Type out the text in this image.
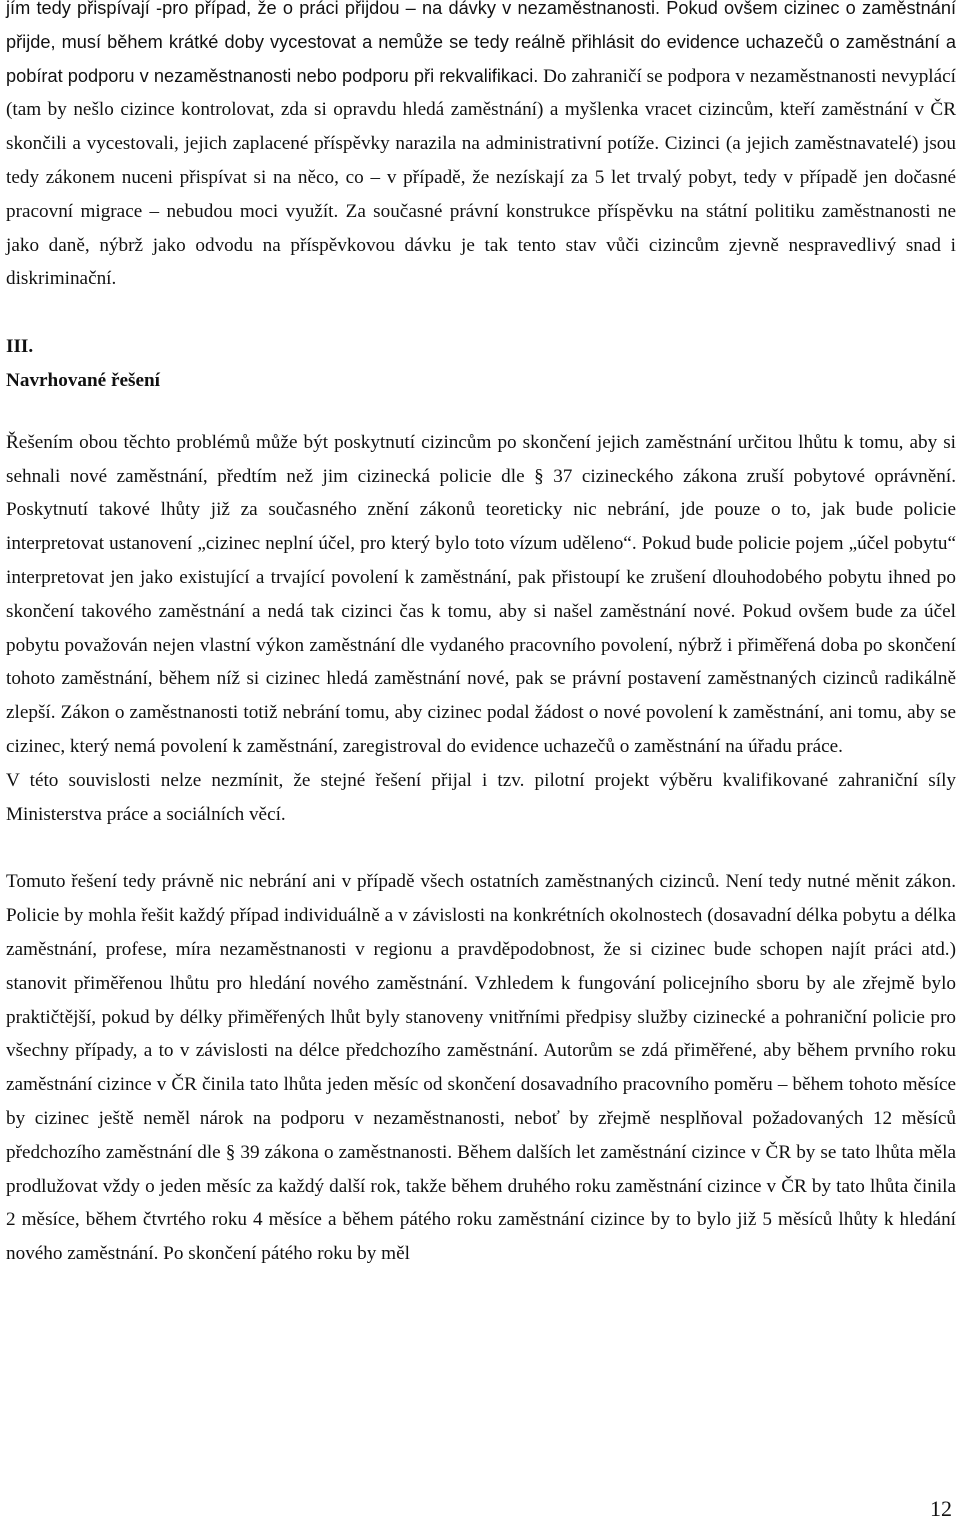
jím tedy přispívají -pro případ, že o práci přijdou – na dávky v nezaměstnanosti. Pokud ovšem cizinec o zaměstnání přijde, musí během krátké doby vycestovat a nemůže se tedy reálně přihlásit do evidence uchazečů o zaměstnání a pobírat podporu v nezaměstnanosti nebo podporu při rekvalifikaci. Do zahraničí se podpora v nezaměstnanosti nevyplácí (tam by nešlo cizince kontrolovat, zda si opravdu hledá zaměstnání) a myšlenka vracet cizincům, kteří zaměstnání v ČR skončili a vycestovali, jejich zaplacené příspěvky narazila na administrativní potíže. Cizinci (a jejich zaměstnavatelé) jsou tedy zákonem nuceni přispívat si na něco, co – v případě, že nezískají za 5 let trvalý pobyt, tedy v případě jen dočasné pracovní migrace – nebudou moci využít. Za současné právní konstrukce příspěvku na státní politiku zaměstnanosti ne jako daně, nýbrž jako odvodu na příspěvkovou dávku je tak tento stav vůči cizincům zjevně nespravedlivý snad i diskriminační.

III.

Navrhované řešení

Řešením obou těchto problémů může být poskytnutí cizincům po skončení jejich zaměstnání určitou lhůtu k tomu, aby si sehnali nové zaměstnání, předtím než jim cizinecká policie dle § 37 cizineckého zákona zruší pobytové oprávnění. Poskytnutí takové lhůty již za současného znění zákonů teoreticky nic nebrání, jde pouze o to, jak bude policie interpretovat ustanovení „cizinec neplní účel, pro který bylo toto vízum uděleno“. Pokud bude policie pojem „účel pobytu“ interpretovat jen jako existující a trvající povolení k zaměstnání, pak přistoupí ke zrušení dlouhodobého pobytu ihned po skončení takového zaměstnání a nedá tak cizinci čas k tomu, aby si našel zaměstnání nové. Pokud ovšem bude za účel pobytu považován nejen vlastní výkon zaměstnání dle vydaného pracovního povolení, nýbrž i přiměřená doba po skončení tohoto zaměstnání, během níž si cizinec hledá zaměstnání nové, pak se právní postavení zaměstnaných cizinců radikálně zlepší. Zákon o zaměstnanosti totiž nebrání tomu, aby cizinec podal žádost o nové povolení k zaměstnání, ani tomu, aby se cizinec, který nemá povolení k zaměstnání, zaregistroval do evidence uchazečů o zaměstnání na úřadu práce.

V této souvislosti nelze nezmínit, že stejné řešení přijal i tzv. pilotní projekt výběru kvalifikované zahraniční síly Ministerstva práce a sociálních věcí.

Tomuto řešení tedy právně nic nebrání ani v případě všech ostatních zaměstnaných cizinců. Není tedy nutné měnit zákon. Policie by mohla řešit každý případ individuálně a v závislosti na konkrétních okolnostech (dosavadní délka pobytu a délka zaměstnání, profese, míra nezaměstnanosti v regionu a pravděpodobnost, že si cizinec bude schopen najít práci atd.) stanovit přiměřenou lhůtu pro hledání nového zaměstnání. Vzhledem k fungování policejního sboru by ale zřejmě bylo praktičtější, pokud by délky přiměřených lhůt byly stanoveny vnitřními předpisy služby cizinecké a pohraniční policie pro všechny případy, a to v závislosti na délce předchozího zaměstnání. Autorům se zdá přiměřené, aby během prvního roku zaměstnání cizince v ČR činila tato lhůta jeden měsíc od skončení dosavadního pracovního poměru – během tohoto měsíce by cizinec ještě neměl nárok na podporu v nezaměstnanosti, neboť by zřejmě nesplňoval požadovaných 12 měsíců předchozího zaměstnání dle § 39 zákona o zaměstnanosti. Během dalších let zaměstnání cizince v ČR by se tato lhůta měla prodlužovat vždy o jeden měsíc za každý další rok, takže během druhého roku zaměstnání cizince v ČR by tato lhůta činila 2 měsíce, během čtvrtého roku 4 měsíce a během pátého roku zaměstnání cizince by to bylo již 5 měsíců lhůty k hledání nového zaměstnání. Po skončení pátého roku by měl

12
